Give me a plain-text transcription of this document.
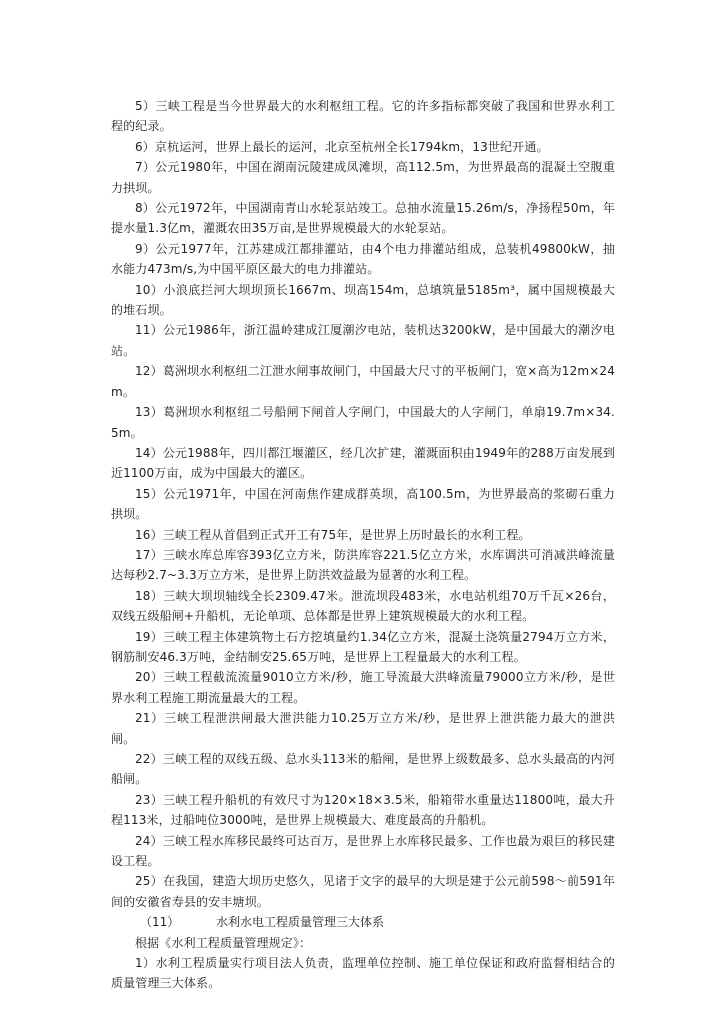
5）三峡工程是当今世界最大的水利枢纽工程。它的许多指标都突破了我国和世界水利工程的纪录。

6）京杭运河，世界上最长的运河，北京至杭州全长1794km，13世纪开通。

7）公元1980年，中国在湖南沅陵建成凤滩坝，高112.5m，为世界最高的混凝土空腹重力拱坝。

8）公元1972年，中国湖南青山水轮泵站竣工。总抽水流量15.26m/s，净扬程50m，年提水量1.3亿m，灌溉农田35万亩,是世界规模最大的水轮泵站。

9）公元1977年，江苏建成江都排灌站，由4个电力排灌站组成，总装机49800kW，抽水能力473m/s,为中国平原区最大的电力排灌站。

10）小浪底拦河大坝坝顶长1667m、坝高154m，总填筑量5185m³，属中国规模最大的堆石坝。

11）公元1986年，浙江温岭建成江厦潮汐电站，装机达3200kW，是中国最大的潮汐电站。

12）葛洲坝水利枢纽二江泄水闸事故闸门，中国最大尺寸的平板闸门，宽×高为12m×24m。

13）葛洲坝水利枢纽二号船闸下闸首人字闸门，中国最大的人字闸门，单扇19.7m×34.5m。

14）公元1988年，四川都江堰灌区，经几次扩建，灌溉面积由1949年的288万亩发展到近1100万亩，成为中国最大的灌区。

15）公元1971年，中国在河南焦作建成群英坝，高100.5m，为世界最高的浆砌石重力拱坝。

16）三峡工程从首倡到正式开工有75年，是世界上历时最长的水利工程。

17）三峡水库总库容393亿立方米，防洪库容221.5亿立方米，水库调洪可消减洪峰流量达每秒2.7~3.3万立方米，是世界上防洪效益最为显著的水利工程。

18）三峡大坝坝轴线全长2309.47米。泄流坝段483米，水电站机组70万千瓦×26台，双线五级船闸+升船机，无论单项、总体都是世界上建筑规模最大的水利工程。

19）三峡工程主体建筑物土石方挖填量约1.34亿立方米，混凝土浇筑量2794万立方米，钢筋制安46.3万吨，金结制安25.65万吨，是世界上工程量最大的水利工程。

20）三峡工程截流流量9010立方米/秒，施工导流最大洪峰流量79000立方米/秒，是世界水利工程施工期流量最大的工程。

21）三峡工程泄洪闸最大泄洪能力10.25万立方米/秒，是世界上泄洪能力最大的泄洪闸。

22）三峡工程的双线五级、总水头113米的船闸，是世界上级数最多、总水头最高的内河船闸。

23）三峡工程升船机的有效尺寸为120×18×3.5米，船箱带水重量达11800吨，最大升程113米，过船吨位3000吨，是世界上规模最大、难度最高的升船机。

24）三峡工程水库移民最终可达百万，是世界上水库移民最多、工作也最为艰巨的移民建设工程。

25）在我国，建造大坝历史悠久，见诸于文字的最早的大坝是建于公元前598～前591年间的安徽省寿县的安丰塘坝。

（11）	水利水电工程质量管理三大体系

根据《水利工程质量管理规定》：

1）水利工程质量实行项目法人负责，监理单位控制、施工单位保证和政府监督相结合的质量管理三大体系。
